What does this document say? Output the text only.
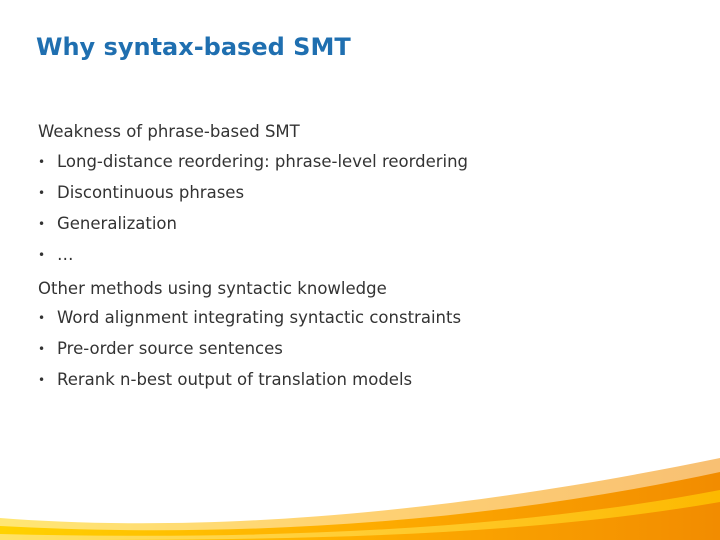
Why syntax-based SMT
Weakness of phrase-based SMT
• Long-distance reordering: phrase-level reordering
• Discontinuous phrases
• Generalization
• …
Other methods using syntactic knowledge
• Word alignment integrating syntactic constraints
• Pre-order source sentences
• Rerank n-best output of translation models
